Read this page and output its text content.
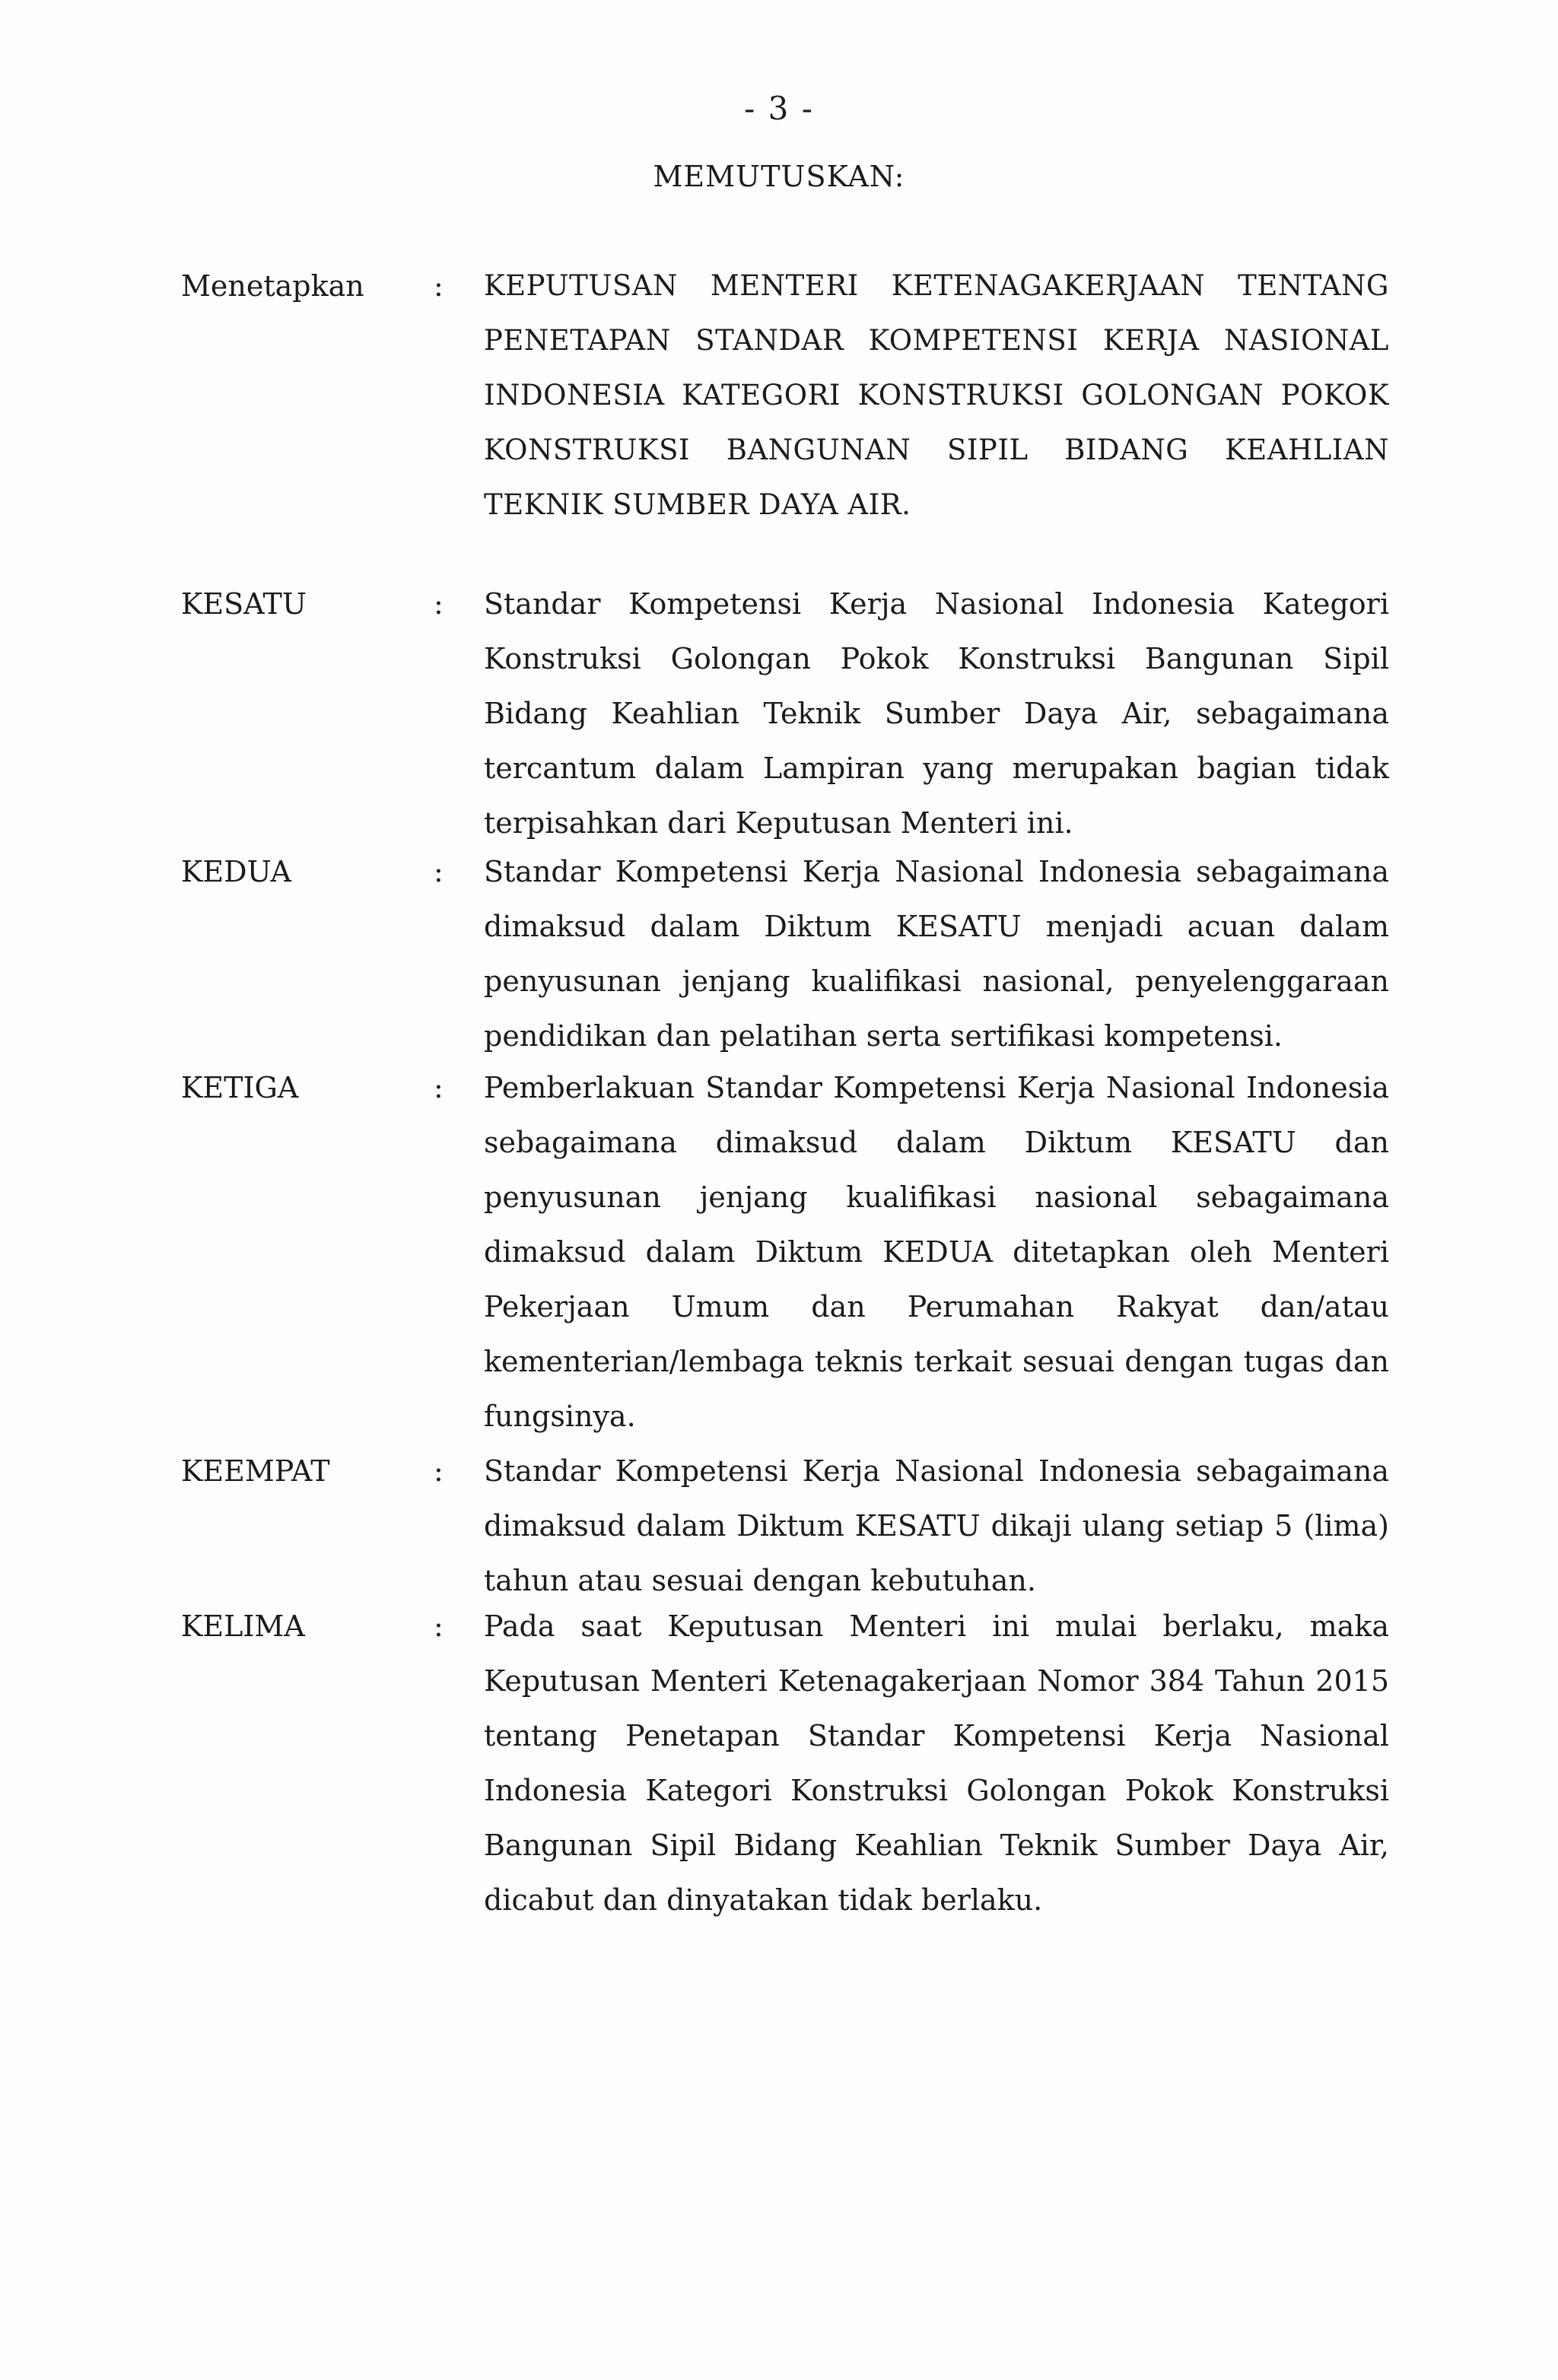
- 3 -
MEMUTUSKAN:
Menetapkan : KEPUTUSAN MENTERI KETENAGAKERJAAN TENTANG PENETAPAN STANDAR KOMPETENSI KERJA NASIONAL INDONESIA KATEGORI KONSTRUKSI GOLONGAN POKOK KONSTRUKSI BANGUNAN SIPIL BIDANG KEAHLIAN TEKNIK SUMBER DAYA AIR.
KESATU	: Standar Kompetensi Kerja Nasional Indonesia Kategori Konstruksi Golongan Pokok Konstruksi Bangunan Sipil Bidang Keahlian Teknik Sumber Daya Air, sebagaimana tercantum dalam Lampiran yang merupakan bagian tidak terpisahkan dari Keputusan Menteri ini.
KEDUA	: Standar Kompetensi Kerja Nasional Indonesia sebagaimana dimaksud dalam Diktum KESATU menjadi acuan dalam penyusunan jenjang kualifikasi nasional, penyelenggaraan pendidikan dan pelatihan serta sertifikasi kompetensi.
KETIGA	: Pemberlakuan Standar Kompetensi Kerja Nasional Indonesia sebagaimana dimaksud dalam Diktum KESATU dan penyusunan jenjang kualifikasi nasional sebagaimana dimaksud dalam Diktum KEDUA ditetapkan oleh Menteri Pekerjaan Umum dan Perumahan Rakyat dan/atau kementerian/lembaga teknis terkait sesuai dengan tugas dan fungsinya.
KEEMPAT	: Standar Kompetensi Kerja Nasional Indonesia sebagaimana dimaksud dalam Diktum KESATU dikaji ulang setiap 5 (lima) tahun atau sesuai dengan kebutuhan.
KELIMA	: Pada saat Keputusan Menteri ini mulai berlaku, maka Keputusan Menteri Ketenagakerjaan Nomor 384 Tahun 2015 tentang Penetapan Standar Kompetensi Kerja Nasional Indonesia Kategori Konstruksi Golongan Pokok Konstruksi Bangunan Sipil Bidang Keahlian Teknik Sumber Daya Air, dicabut dan dinyatakan tidak berlaku.
